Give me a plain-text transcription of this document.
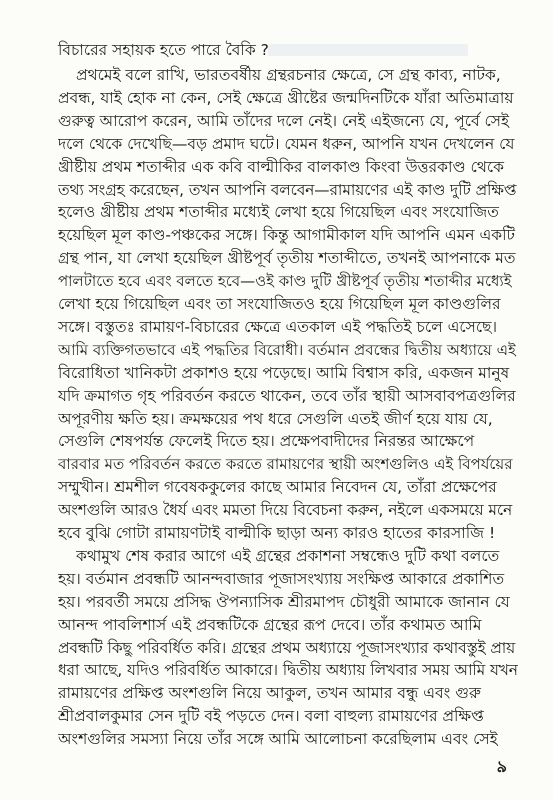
বিচারের সহায়ক হতে পারে বৈকি ?
প্রথমেই বলে রাখি, ভারতবর্ষীয় গ্রন্থরচনার ক্ষেত্রে, সে গ্রন্থ কাব্য, নাটক,
প্রবন্ধ, যাই হোক না কেন, সেই ক্ষেত্রে খ্রীষ্টের জন্মদিনটিকে যাঁরা অতিমাত্রায়
গুরুত্ব আরোপ করেন, আমি তাঁদের দলে নেই। নেই এইজন্যে যে, পূর্বে সেই
দলে থেকে দেখেছি—বড় প্রমাদ ঘটে। যেমন ধরুন, আপনি যখন দেখলেন যে
খ্রীষ্টীয় প্রথম শতাব্দীর এক কবি বাল্মীকির বালকাণ্ড কিংবা উত্তরকাণ্ড থেকে
তথ্য সংগ্রহ করেছেন, তখন আপনি বলবেন—রামায়ণের এই কাণ্ড দুটি প্রক্ষিপ্ত
হলেও খ্রীষ্টীয় প্রথম শতাব্দীর মধ্যেই লেখা হয়ে গিয়েছিল এবং সংযোজিত
হয়েছিল মূল কাণ্ড-পঞ্চকের সঙ্গে। কিন্তু আগামীকাল যদি আপনি এমন একটি
গ্রন্থ পান, যা লেখা হয়েছিল খ্রীষ্টপূর্ব তৃতীয় শতাব্দীতে, তখনই আপনাকে মত
পালটাতে হবে এবং বলতে হবে—ওই কাণ্ড দুটি খ্রীষ্টপূর্ব তৃতীয় শতাব্দীর মধ্যেই
লেখা হয়ে গিয়েছিল এবং তা সংযোজিতও হয়ে গিয়েছিল মূল কাণ্ডগুলির
সঙ্গে। বস্তুতঃ রামায়ণ-বিচারের ক্ষেত্রে এতকাল এই পদ্ধতিই চলে এসেছে।
আমি ব্যক্তিগতভাবে এই পদ্ধতির বিরোধী। বর্তমান প্রবন্ধের দ্বিতীয় অধ্যায়ে এই
বিরোধিতা খানিকটা প্রকাশও হয়ে পড়েছে। আমি বিশ্বাস করি, একজন মানুষ
যদি ক্রমাগত গৃহ পরিবর্তন করতে থাকেন, তবে তাঁর স্থায়ী আসবাবপত্রগুলির
অপূরণীয় ক্ষতি হয়। ক্রমক্ষয়ের পথ ধরে সেগুলি এতই জীর্ণ হয়ে যায় যে,
সেগুলি শেষপর্যন্ত ফেলেই দিতে হয়। প্রক্ষেপবাদীদের নিরন্তর আক্ষেপে
বারবার মত পরিবর্তন করতে করতে রামায়ণের স্থায়ী অংশগুলিও এই বিপর্যয়ের
সম্মুখীন। শ্রমশীল গবেষককুলের কাছে আমার নিবেদন যে, তাঁরা প্রক্ষেপের
অংশগুলি আরও ধৈর্য এবং মমতা দিয়ে বিবেচনা করুন, নইলে একসময়ে মনে
হবে বুঝি গোটা রামায়ণটাই বাল্মীকি ছাড়া অন্য কারও হাতের কারসাজি !
কথামুখ শেষ করার আগে এই গ্রন্থের প্রকাশনা সম্বন্ধেও দুটি কথা বলতে
হয়। বর্তমান প্রবন্ধটি আনন্দবাজার পূজাসংখ্যায় সংক্ষিপ্ত আকারে প্রকাশিত
হয়। পরবর্তী সময়ে প্রসিদ্ধ ঔপন্যাসিক শ্রীরমাপদ চৌধুরী আমাকে জানান যে
আনন্দ পাবলিশার্স এই প্রবন্ধটিকে গ্রন্থের রূপ দেবে। তাঁর কথামত আমি
প্রবন্ধটি কিছু পরিবর্ধিত করি। গ্রন্থের প্রথম অধ্যায়ে পূজাসংখ্যার কথাবস্তুই প্রায়
ধরা আছে, যদিও পরিবর্ধিত আকারে। দ্বিতীয় অধ্যায় লিখবার সময় আমি যখন
রামায়ণের প্রক্ষিপ্ত অংশগুলি নিয়ে আকুল, তখন আমার বন্ধু এবং গুরু
শ্রীপ্রবালকুমার সেন দুটি বই পড়তে দেন। বলা বাহুল্য রামায়ণের প্রক্ষিপ্ত
অংশগুলির সমস্যা নিয়ে তাঁর সঙ্গে আমি আলোচনা করেছিলাম এবং সেই
৯
